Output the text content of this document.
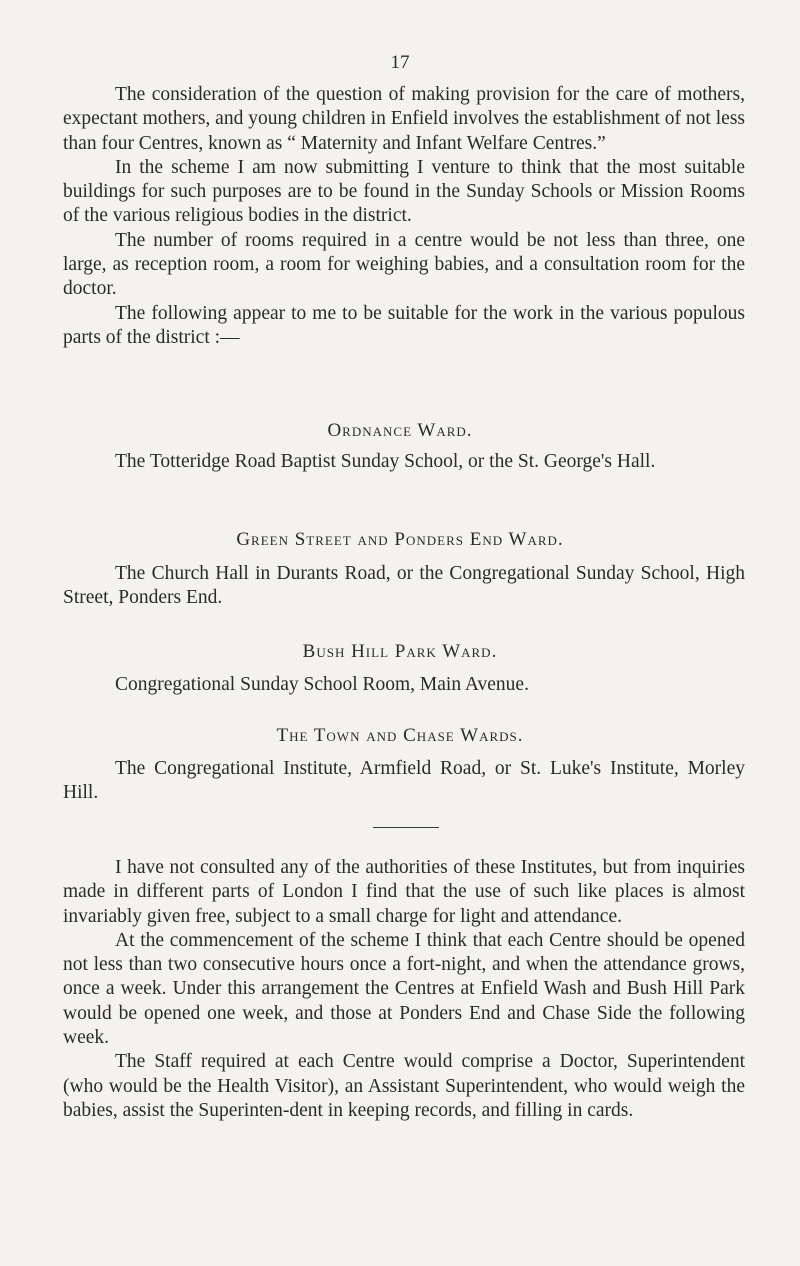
17

The consideration of the question of making provision for the care of mothers, expectant mothers, and young children in Enfield involves the establishment of not less than four Centres, known as “ Maternity and Infant Welfare Centres.”

In the scheme I am now submitting I venture to think that the most suitable buildings for such purposes are to be found in the Sunday Schools or Mission Rooms of the various religious bodies in the district.

The number of rooms required in a centre would be not less than three, one large, as reception room, a room for weighing babies, and a consultation room for the doctor.

The following appear to me to be suitable for the work in the various populous parts of the district :—

Ordnance Ward.

The Totteridge Road Baptist Sunday School, or the St. George's Hall.

Green Street and Ponders End Ward.

The Church Hall in Durants Road, or the Congregational Sunday School, High Street, Ponders End.

Bush Hill Park Ward.

Congregational Sunday School Room, Main Avenue.

The Town and Chase Wards.

The Congregational Institute, Armfield Road, or St. Luke's Institute, Morley Hill.

I have not consulted any of the authorities of these Institutes, but from inquiries made in different parts of London I find that the use of such like places is almost invariably given free, subject to a small charge for light and attendance.

At the commencement of the scheme I think that each Centre should be opened not less than two consecutive hours once a fort-night, and when the attendance grows, once a week. Under this arrangement the Centres at Enfield Wash and Bush Hill Park would be opened one week, and those at Ponders End and Chase Side the following week.

The Staff required at each Centre would comprise a Doctor, Superintendent (who would be the Health Visitor), an Assistant Superintendent, who would weigh the babies, assist the Superinten-dent in keeping records, and filling in cards.
